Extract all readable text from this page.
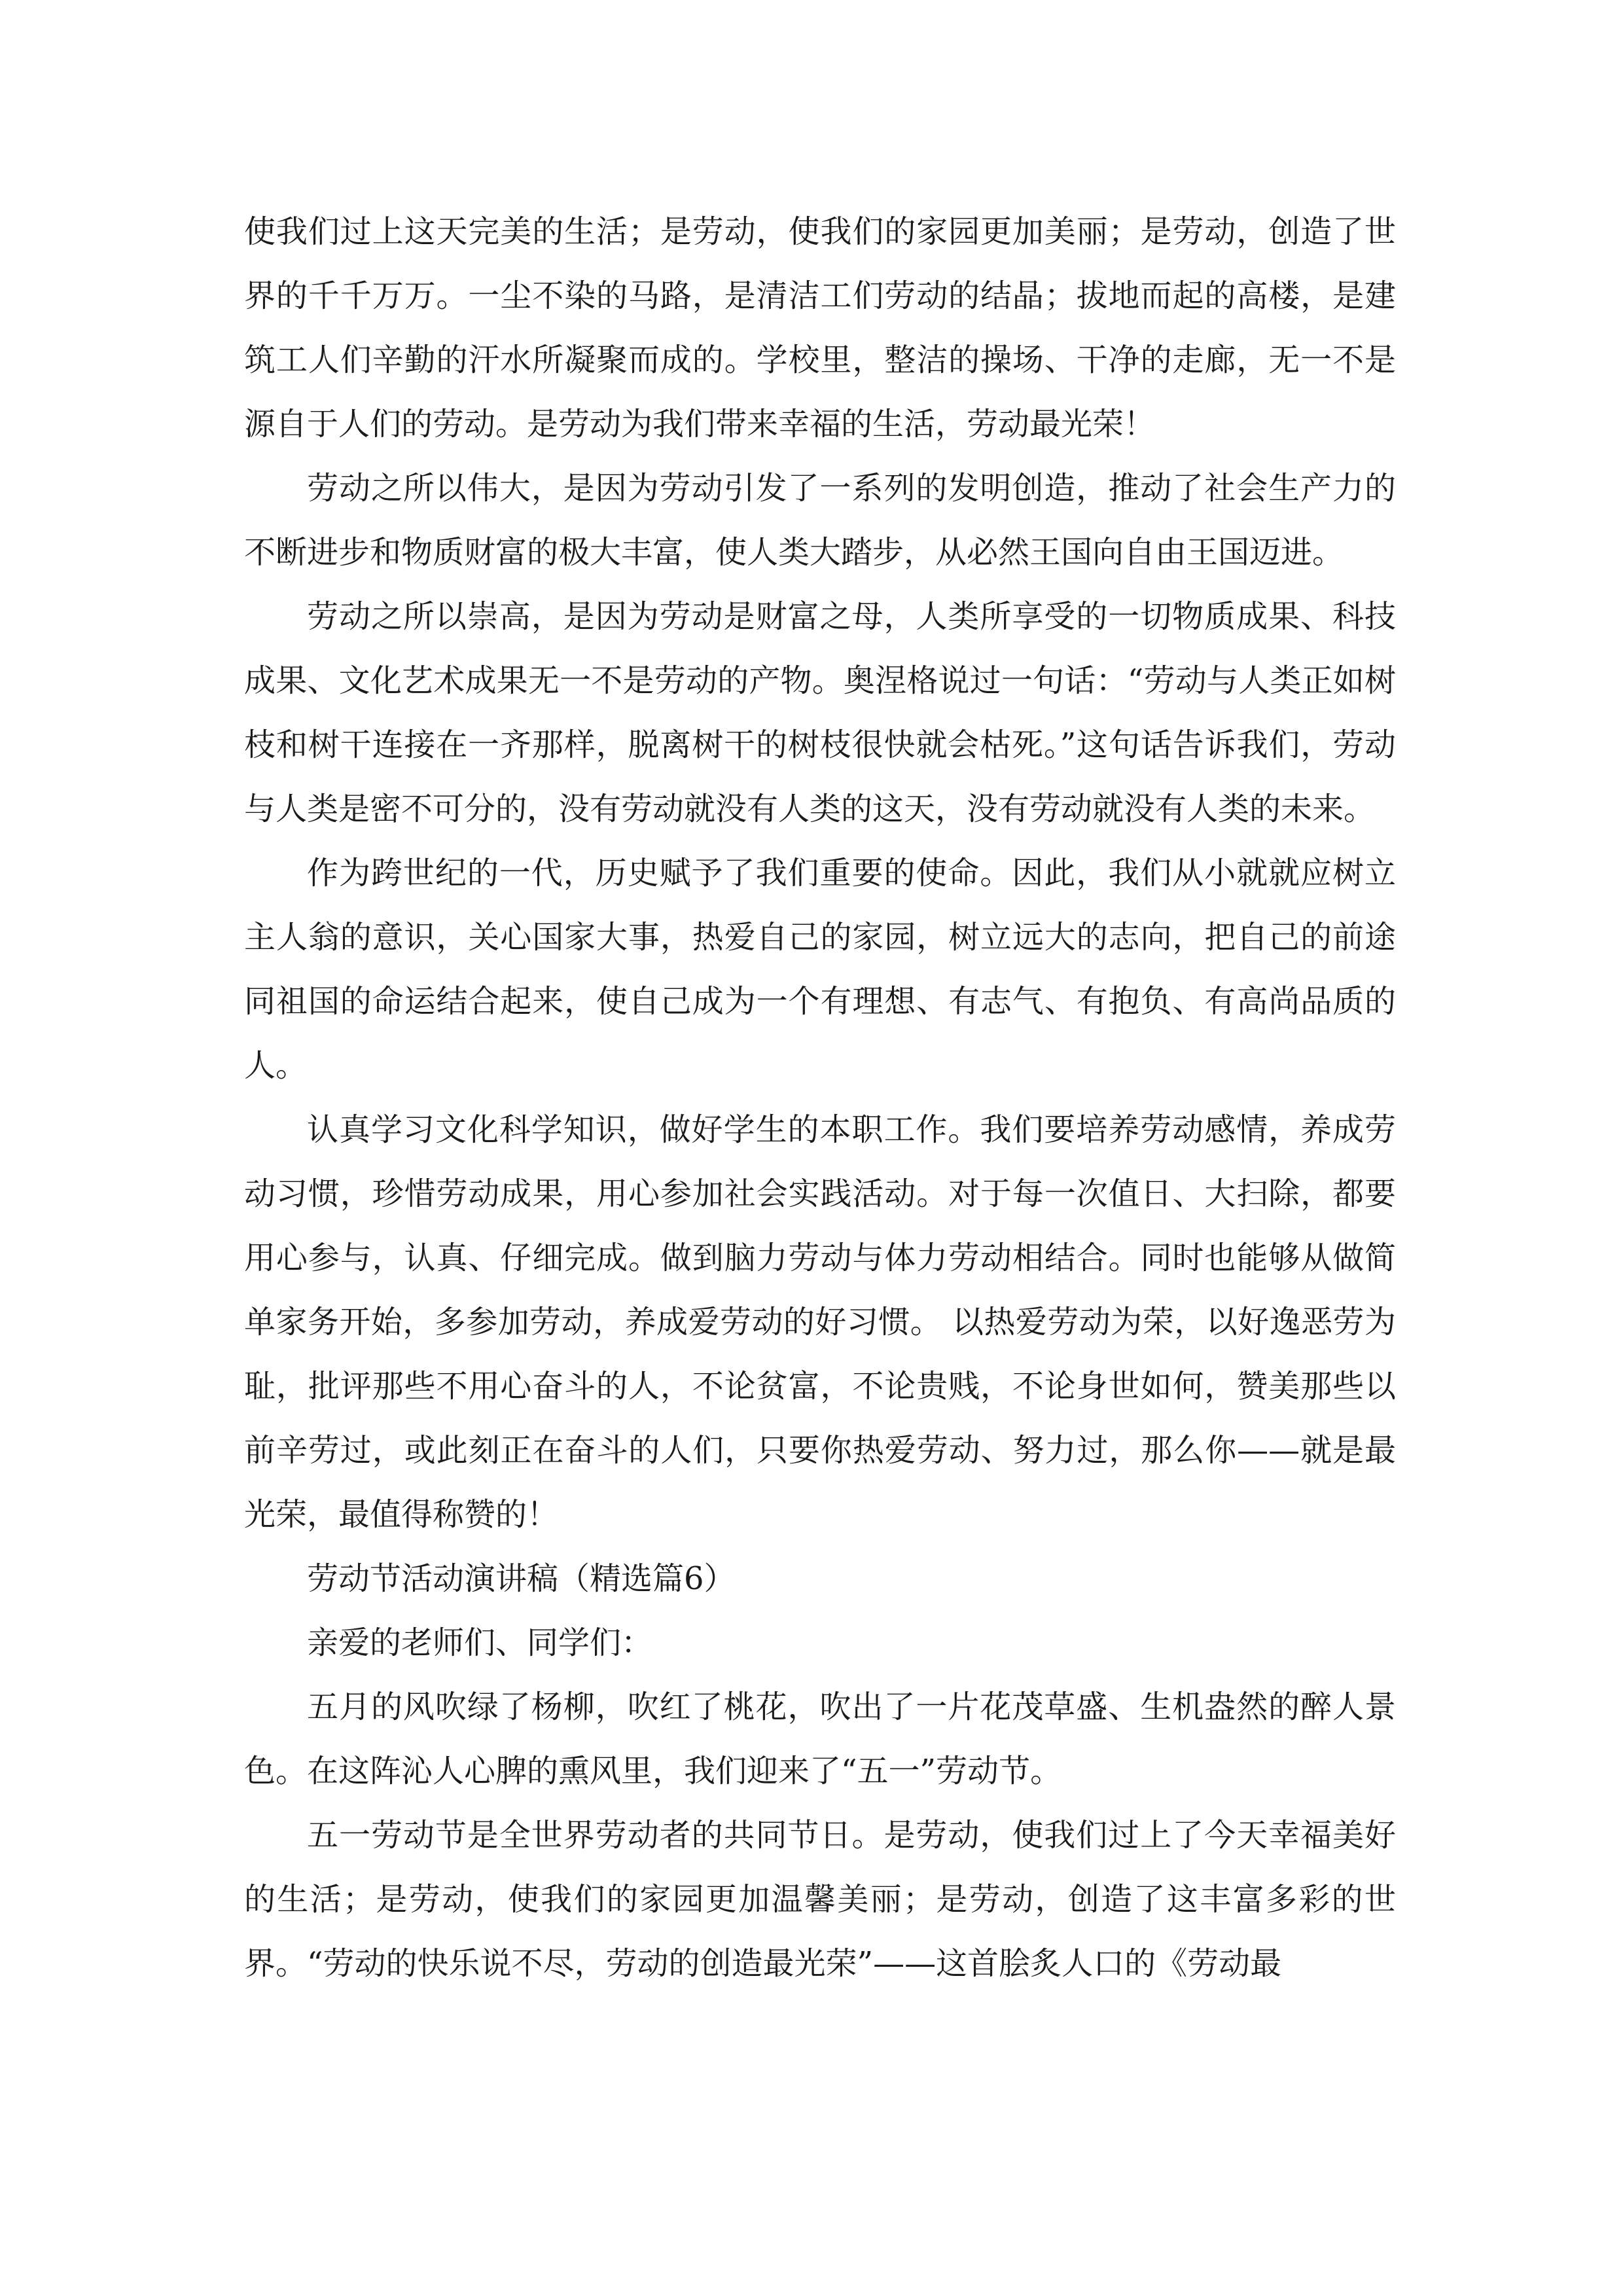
使我们过上这天完美的生活；是劳动，使我们的家园更加美丽；是劳动，创造了世界的千千万万。一尘不染的马路，是清洁工们劳动的结晶；拔地而起的高楼，是建筑工人们辛勤的汗水所凝聚而成的。学校里，整洁的操场、干净的走廊，无一不是源自于人们的劳动。是劳动为我们带来幸福的生活，劳动最光荣！

劳动之所以伟大，是因为劳动引发了一系列的发明创造，推动了社会生产力的不断进步和物质财富的极大丰富，使人类大踏步，从必然王国向自由王国迈进。

劳动之所以崇高，是因为劳动是财富之母，人类所享受的一切物质成果、科技成果、文化艺术成果无一不是劳动的产物。奥涅格说过一句话：“劳动与人类正如树枝和树干连接在一齐那样，脱离树干的树枝很快就会枯死。”这句话告诉我们，劳动与人类是密不可分的，没有劳动就没有人类的这天，没有劳动就没有人类的未来。

作为跨世纪的一代，历史赋予了我们重要的使命。因此，我们从小就就应树立主人翁的意识，关心国家大事，热爱自己的家园，树立远大的志向，把自己的前途同祖国的命运结合起来，使自己成为一个有理想、有志气、有抱负、有高尚品质的人。

认真学习文化科学知识，做好学生的本职工作。我们要培养劳动感情，养成劳动习惯，珍惜劳动成果，用心参加社会实践活动。对于每一次值日、大扫除，都要用心参与，认真、仔细完成。做到脑力劳动与体力劳动相结合。同时也能够从做简单家务开始，多参加劳动，养成爱劳动的好习惯。 以热爱劳动为荣，以好逸恶劳为耻，批评那些不用心奋斗的人，不论贫富，不论贵贱，不论身世如何，赞美那些以前辛劳过，或此刻正在奋斗的人们，只要你热爱劳动、努力过，那么你——就是最光荣，最值得称赞的！

劳动节活动演讲稿（精选篇6）

亲爱的老师们、同学们：

五月的风吹绿了杨柳，吹红了桃花，吹出了一片花茂草盛、生机盎然的醉人景色。在这阵沁人心脾的熏风里，我们迎来了“五一”劳动节。

五一劳动节是全世界劳动者的共同节日。是劳动，使我们过上了今天幸福美好的生活；是劳动，使我们的家园更加温馨美丽；是劳动，创造了这丰富多彩的世界。“劳动的快乐说不尽，劳动的创造最光荣”——这首脍炙人口的《劳动最
